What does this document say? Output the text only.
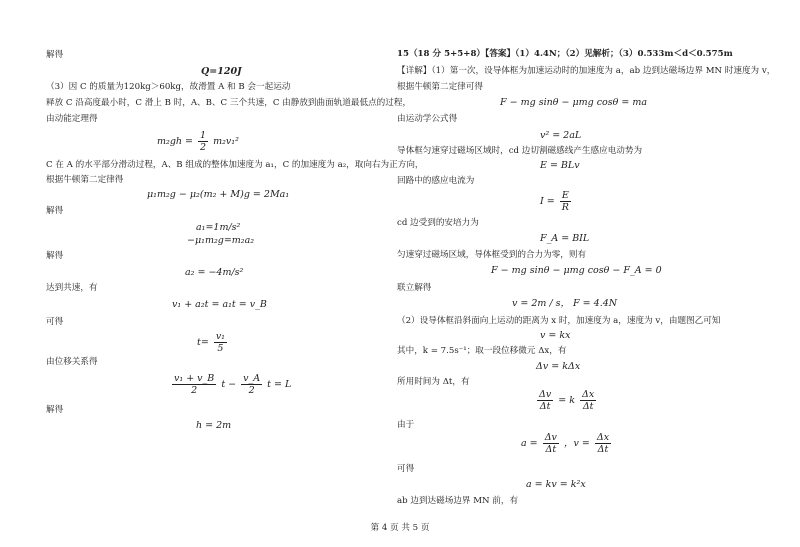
解得
Q=120J
（3）因 C 的质量为120kg＞60kg，故滑置 A 和 B 会一起运动
释放 C 沿高度最小时，C 滑上 B 时，A、B、C 三个共速，C 由静放到曲面轨道最低点的过程，
由动能定理得
$m_2gh = \frac{1}{2} m_2v_1^2$
C 在 A 的水平部分滑动过程，A、B 组成的整体加速度为 a₁，C 的加速度为 a₂，取向右为正方向，
根据牛顿第二定律得
μ₁m₂g − μ₂(m₂ + M)g = 2Ma₁
解得
a₁=1m/s²
−μ₁m₂g=m₂a₂
解得
a₂ = −4m/s²
达到共速，有
v₁ + a₂t = a₁t = v_B
可得
$t= \frac{\text{v₁}}{5}$
由位移关系得
$\frac{\text{v₁ + v\_B}}{2}$ $t - \frac{v\_A}{2}$ t = L
解得
h = 2m
15（18 分 5+5+8）【答案】（1）4.4N；（2）见解析；（3）0.533m＜d＜0.575m
【详解】（1）第一次，设导体框为加速运动时的加速度为 a，ab 边到达磁场边界 MN 时速度为 v，
根据牛顿第二定律可得
F − mg sinθ − μmg cosθ = ma
由运动学公式得
v² = 2aL
导体框匀速穿过磁场区域时，cd 边切割磁感线产生感应电动势为
E = BLv
回路中的感应电流为
$I = \frac{E}{R}$
cd 边受到的安培力为
F_A = BIL
匀速穿过磁场区域，导体框受到的合力为零，则有
F − mg sinθ − μmg cosθ − F_A = 0
联立解得
v = 2m / s， F = 4.4N
（2）设导体框沿斜面向上运动的距离为 x 时，加速度为 a，速度为 v，由题图乙可知
v = kx
其中，k = 7.5s⁻¹；取一段位移微元 Δx，有
Δv = kΔx
所用时间为 Δt，有
$\frac{\Delta v}{\Delta t} = k \frac{\Delta x}{\Delta t}$
由于
$a = \frac{\Delta v}{\Delta t}$ ，$v = \frac{\Delta x}{\Delta t}$
可得
a = kv = k²x
ab 边到达磁场边界 MN 前，有
第 4 页 共 5 页
